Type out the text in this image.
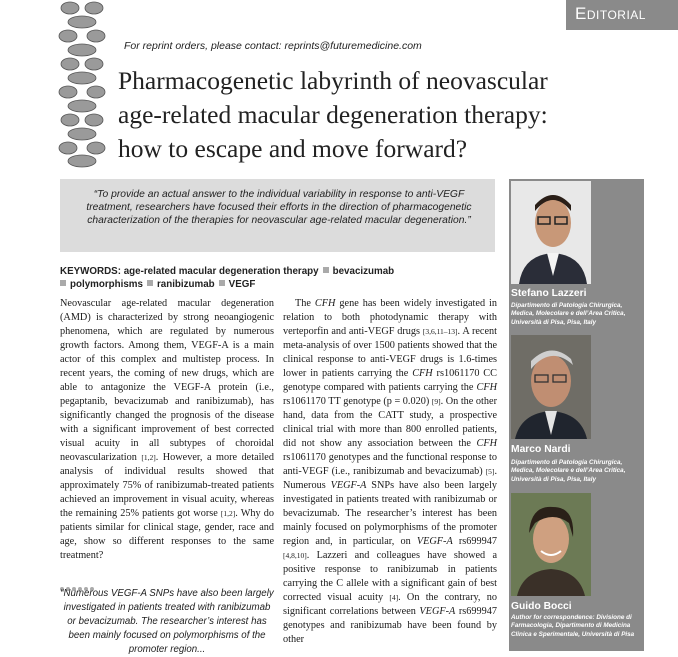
Editorial
For reprint orders, please contact: reprints@futuremedicine.com
Pharmacogenetic labyrinth of neovascular age-related macular degeneration therapy: how to escape and move forward?
“To provide an actual answer to the individual variability in response to anti-VEGF treatment, researchers have focused their efforts in the direction of pharmacogenetic characterization of the therapies for neovascular age-related macular degeneration.”
KEYWORDS: age-related macular degeneration therapy bevacizumab
polymorphisms ranibizumab VEGF

Neovascular age-related macular degeneration (AMD) is characterized by strong neoangiogenic phenomena, which are regulated by numerous growth factors. Among them, VEGF-A is a main actor of this complex and multistep process. In recent years, the coming of new drugs, which are able to antagonize the VEGF-A protein (i.e., pegaptanib, bevacizumab and ranibizumab), has significantly changed the prognosis of the disease with a significant improvement of best corrected visual acuity in all subtypes of choroidal neovascularization [1,2]. However, a more detailed analysis of individual results showed that approximately 75% of ranibizumab-treated patients achieved an improvement in visual acuity, whereas the remaining 25% patients got worse [1,2]. Why do patients similar for clinical stage, gender, race and age, show so different responses to the same treatment?

“Numerous VEGF-A SNPs have also been largely investigated in patients treated with ranibizumab or bevacizumab. The researcher’s interest has been mainly focused on polymorphisms of the promoter region...

The CFH gene has been widely investigated in relation to both photodynamic therapy with verteporfin and anti-VEGF drugs [3,6,11–13]. A recent meta-analysis of over 1500 patients showed that the clinical response to anti-VEGF drugs is 1.6-times lower in patients carrying the CFH rs1061170 CC genotype compared with patients carrying the CFH rs1061170 TT genotype (p = 0.020) [9]. On the other hand, data from the CATT study, a prospective clinical trial with more than 800 enrolled patients, did not show any association between the CFH rs1061170 genotypes and the functional response to anti-VEGF (i.e., ranibizumab and bevacizumab) [5]. Numerous VEGF-A SNPs have also been largely investigated in patients treated with ranibizumab or bevacizumab. The researcher’s interest has been mainly focused on polymorphisms of the promoter region and, in particular, on VEGF-A rs699947 [4,8,10]. Lazzeri and colleagues have showed a positive response to ranibizumab in patients carrying the C allele with a significant gain of best corrected visual acuity [4]. On the contrary, no significant correlations between VEGF-A rs699947 genotypes and ranibizumab have been found by other

Stefano Lazzeri
Dipartimento di Patologia Chirurgica, Medica, Molecolare e dell’Area Critica, Università di Pisa, Pisa, Italy
Marco Nardi
Dipartimento di Patologia Chirurgica, Medica, Molecolare e dell’Area Critica, Università di Pisa, Pisa, Italy
Guido Bocci
Author for correspondence: Divisione di Farmacologia, Dipartimento di Medicina Clinica e Sperimentale, Università di Pisa
